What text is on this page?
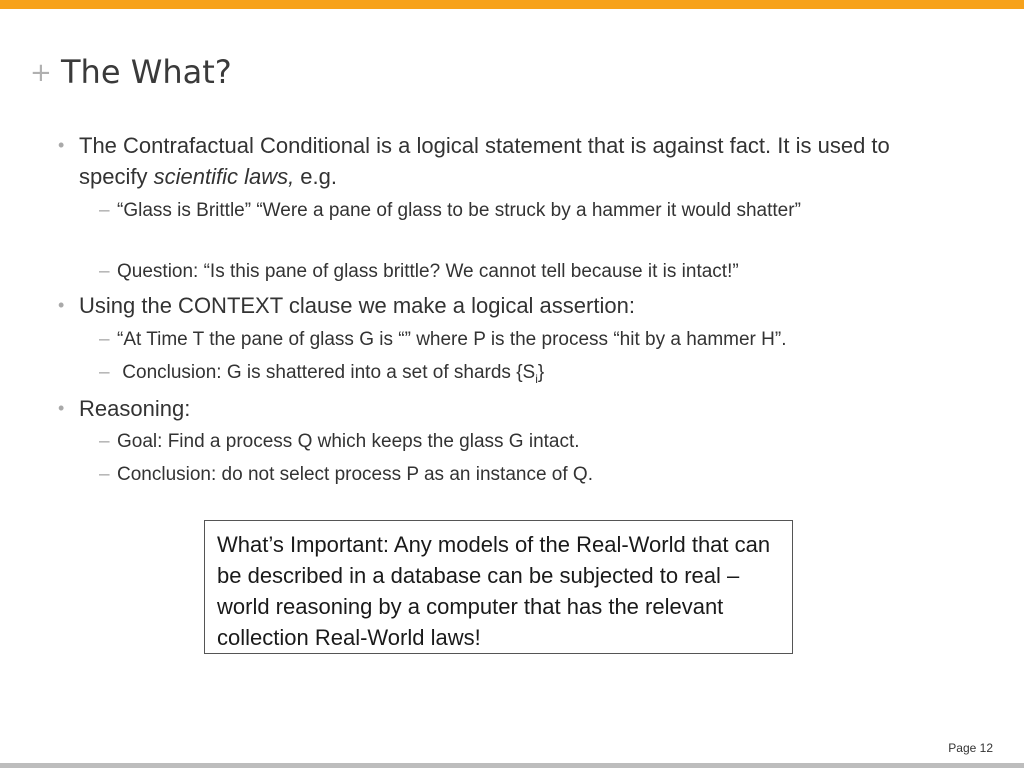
+ The What?
• The Contrafactual Conditional is a logical statement that is against fact. It is used to specify scientific laws, e.g.
– “Glass is Brittle” “Were a pane of glass to be struck by a hammer it would shatter”
– Question: “Is this pane of glass brittle? We cannot tell because it is intact!”
• Using the CONTEXT clause we make a logical assertion:
– “At Time T the pane of glass G is “” where P is the process “hit by a hammer H”.
– Conclusion: G is shattered into a set of shards $\{S_i\}$
• Reasoning:
– Goal: Find a process Q which keeps the glass G intact.
– Conclusion: do not select process P as an instance of Q.
What’s Important: Any models of the Real-World that can be described in a database can be subjected to real –world reasoning by a computer that has the relevant collection Real-World laws!
Page 12
